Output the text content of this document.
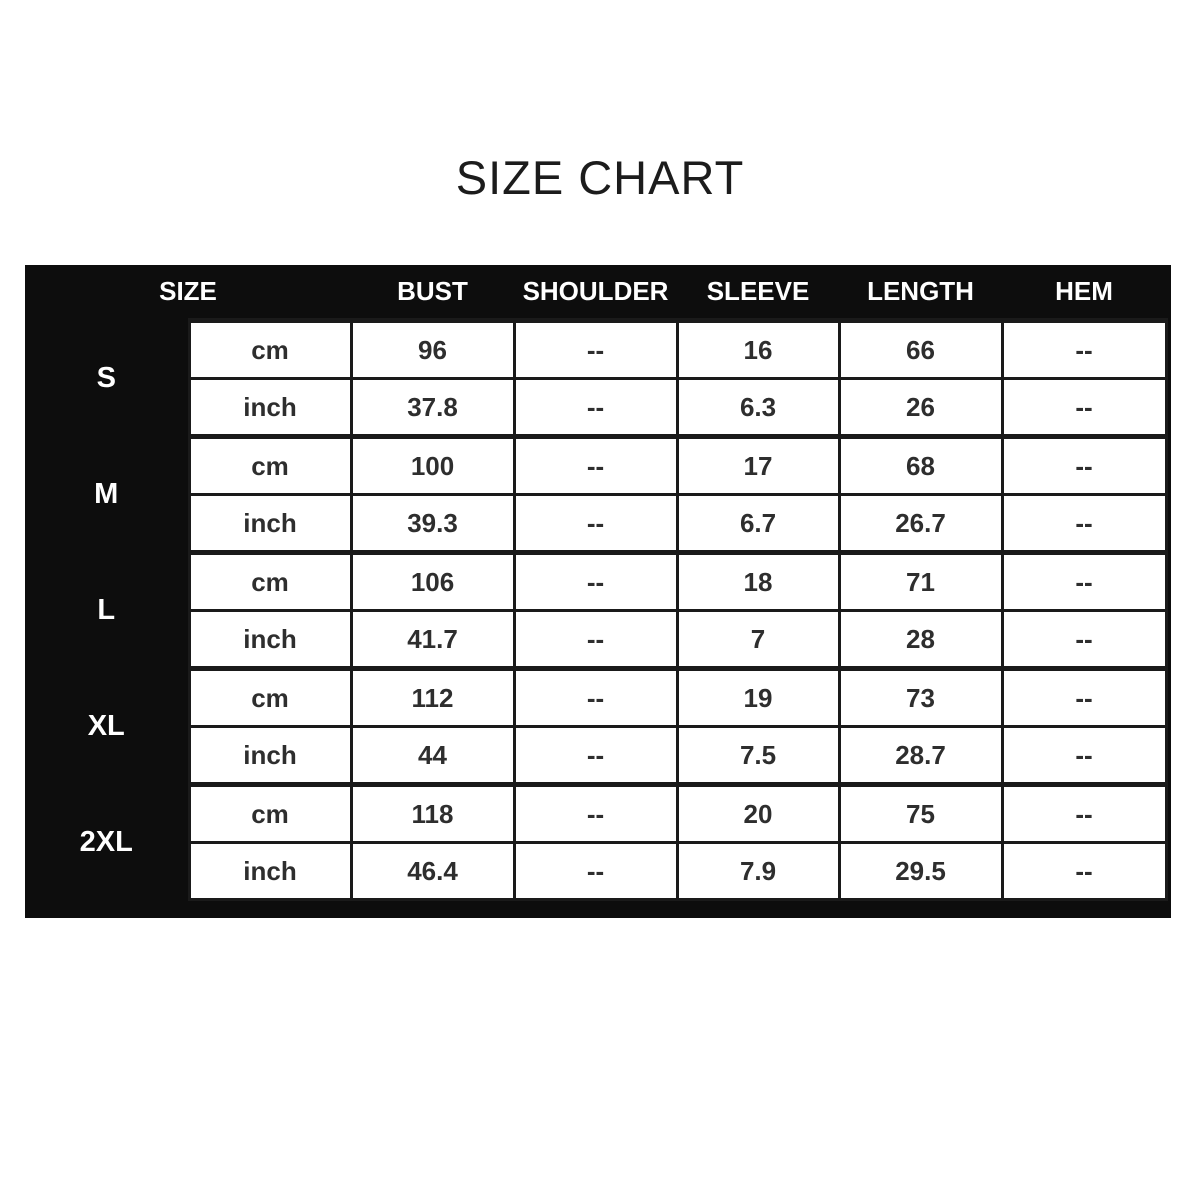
SIZE CHART
SIZE		BUST	SHOULDER	SLEEVE	LENGTH	HEM
S	cm	96	--	16	66	--
	inch	37.8	--	6.3	26	--
M	cm	100	--	17	68	--
	inch	39.3	--	6.7	26.7	--
L	cm	106	--	18	71	--
	inch	41.7	--	7	28	--
XL	cm	112	--	19	73	--
	inch	44	--	7.5	28.7	--
2XL	cm	118	--	20	75	--
	inch	46.4	--	7.9	29.5	--
Manual Measurement error 2-4cm						
